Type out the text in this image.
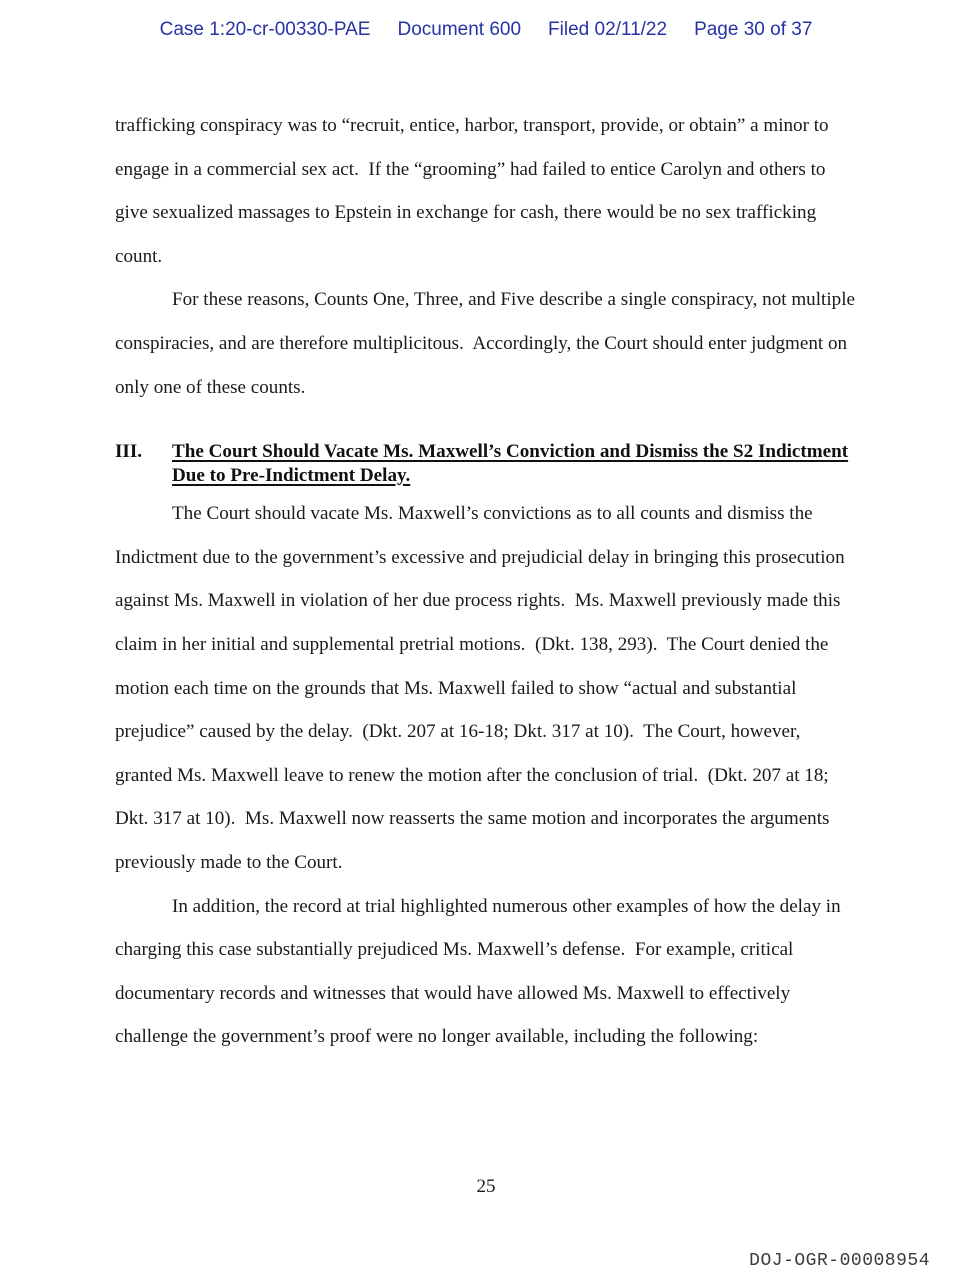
Case 1:20-cr-00330-PAE Document 600 Filed 02/11/22 Page 30 of 37

trafficking conspiracy was to “recruit, entice, harbor, transport, provide, or obtain” a minor to engage in a commercial sex act.  If the “grooming” had failed to entice Carolyn and others to give sexualized massages to Epstein in exchange for cash, there would be no sex trafficking count.

For these reasons, Counts One, Three, and Five describe a single conspiracy, not multiple conspiracies, and are therefore multiplicitous.  Accordingly, the Court should enter judgment on only one of these counts.

III. The Court Should Vacate Ms. Maxwell’s Conviction and Dismiss the S2 Indictment Due to Pre-Indictment Delay.

The Court should vacate Ms. Maxwell’s convictions as to all counts and dismiss the Indictment due to the government’s excessive and prejudicial delay in bringing this prosecution against Ms. Maxwell in violation of her due process rights.  Ms. Maxwell previously made this claim in her initial and supplemental pretrial motions.  (Dkt. 138, 293).  The Court denied the motion each time on the grounds that Ms. Maxwell failed to show “actual and substantial prejudice” caused by the delay.  (Dkt. 207 at 16-18; Dkt. 317 at 10).  The Court, however, granted Ms. Maxwell leave to renew the motion after the conclusion of trial.  (Dkt. 207 at 18; Dkt. 317 at 10).  Ms. Maxwell now reasserts the same motion and incorporates the arguments previously made to the Court.

In addition, the record at trial highlighted numerous other examples of how the delay in charging this case substantially prejudiced Ms. Maxwell’s defense.  For example, critical documentary records and witnesses that would have allowed Ms. Maxwell to effectively challenge the government’s proof were no longer available, including the following:

25
DOJ-OGR-00008954
